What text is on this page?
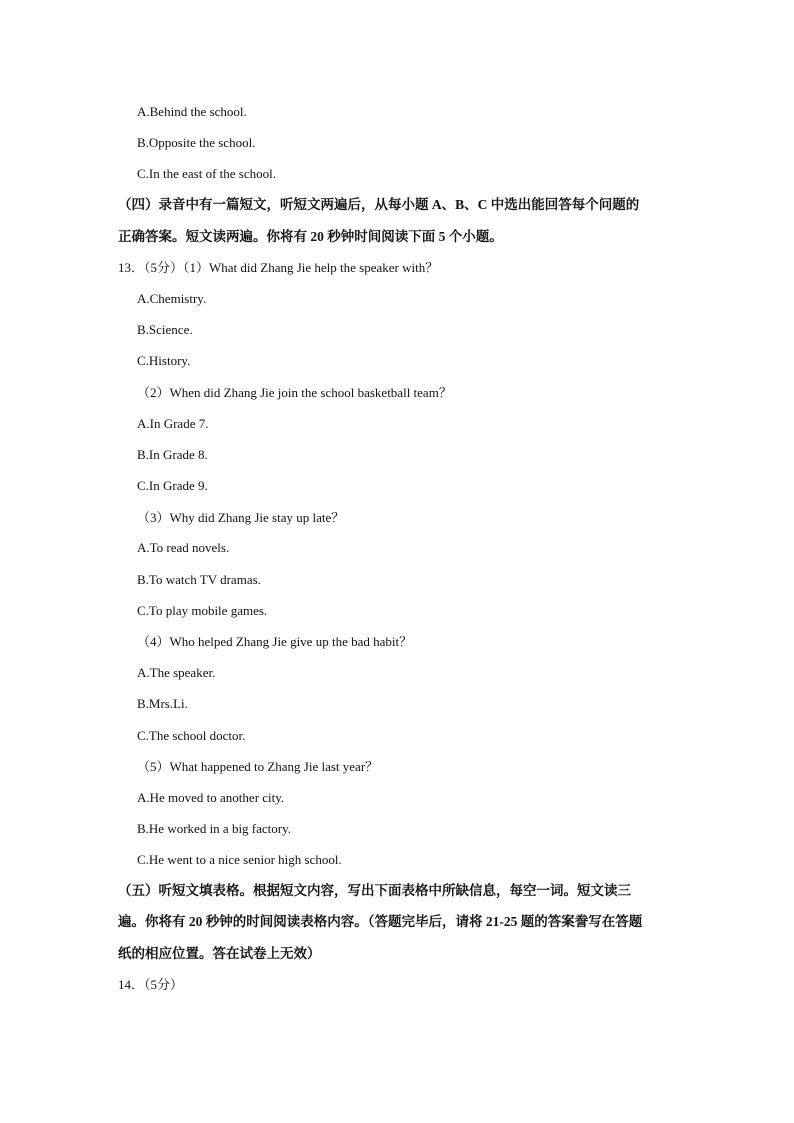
A.Behind the school.
B.Opposite the school.
C.In the east of the school.
（四）录音中有一篇短文，听短文两遍后，从每小题 A、B、C 中选出能回答每个问题的
正确答案。短文读两遍。你将有 20 秒钟时间阅读下面 5 个小题。
13．（5分）（1）What did Zhang Jie help the speaker with？
A.Chemistry.
B.Science.
C.History.
（2）When did Zhang Jie join the school basketball team？
A.In Grade 7.
B.In Grade 8.
C.In Grade 9.
（3）Why did Zhang Jie stay up late？
A.To read novels.
B.To watch TV dramas.
C.To play mobile games.
（4）Who helped Zhang Jie give up the bad habit？
A.The speaker.
B.Mrs.Li.
C.The school doctor.
（5）What happened to Zhang Jie last year？
A.He moved to another city.
B.He worked in a big factory.
C.He went to a nice senior high school.
（五）听短文填表格。根据短文内容，写出下面表格中所缺信息，每空一词。短文读三
遍。你将有 20 秒钟的时间阅读表格内容。（答题完毕后，请将 21-25 题的答案誊写在答题
纸的相应位置。答在试卷上无效）
14．（5分）
